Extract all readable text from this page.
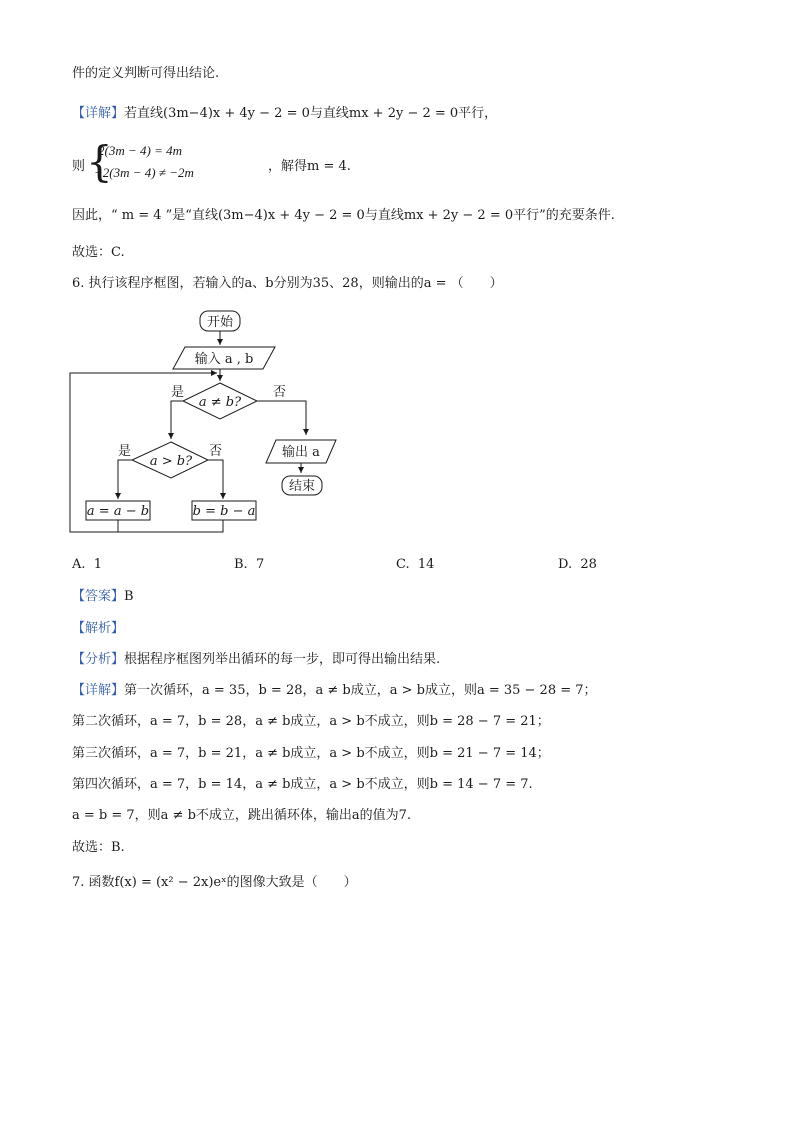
件的定义判断可得出结论.
【详解】若直线(3m−4)x + 4y − 2 = 0与直线mx + 2y − 2 = 0平行，
则 {
2(3m − 4) = 4m
−2(3m − 4) ≠ −2m	，解得m = 4.
因此，“ m = 4 ”是“直线(3m−4)x + 4y − 2 = 0与直线mx + 2y − 2 = 0平行”的充要条件.
故选：C.
6. 执行该程序框图，若输入的a、b分别为35、28，则输出的a = （　　）
开始
输入 a , b
a ≠ b?
是	否
输出 a
结束
a > b?
是	否
a = a − b	b = b − a
A. 1	B. 7	C. 14	D. 28
【答案】B
【解析】
【分析】根据程序框图列举出循环的每一步，即可得出输出结果.
【详解】第一次循环，a = 35，b = 28，a ≠ b成立，a > b成立，则a = 35 − 28 = 7；
第二次循环，a = 7，b = 28，a ≠ b成立，a > b不成立，则b = 28 − 7 = 21；
第三次循环，a = 7，b = 21，a ≠ b成立，a > b不成立，则b = 21 − 7 = 14；
第四次循环，a = 7，b = 14，a ≠ b成立，a > b不成立，则b = 14 − 7 = 7.
a = b = 7，则a ≠ b不成立，跳出循环体，输出a的值为7.
故选：B.
7. 函数f(x) = (x² − 2x)eˣ的图像大致是（　　）
